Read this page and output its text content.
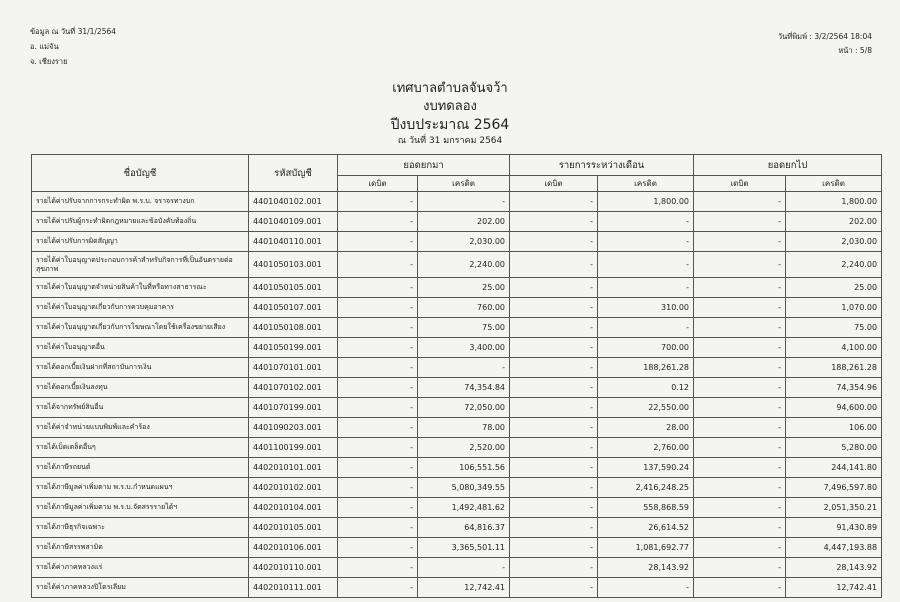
ข้อมูล ณ วันที่ 31/1/2564
อ. แม่จัน
จ. เชียงราย
วันที่พิมพ์ : 3/2/2564 18:04
หน้า : 5/8
เทศบาลตำบลจันจว้า
งบทดลอง
ปีงบประมาณ 2564
ณ วันที่ 31 มกราคม 2564
ชื่อบัญชี	รหัสบัญชี	ยอดยกมา		รายการระหว่างเดือน		ยอดยกไป	
		เดบิต	เครดิต	เดบิต	เครดิต	เดบิต	เครดิต
รายได้ค่าปรับจากการกระทำผิด พ.ร.บ. จราจรทางบก	4401040102.001	-	-	-	1,800.00	-	1,800.00
รายได้ค่าปรับผู้กระทำผิดกฎหมายและข้อบังคับท้องถิ่น	4401040109.001	-	202.00	-	-	-	202.00
รายได้ค่าปรับการผิดสัญญา	4401040110.001	-	2,030.00	-	-	-	2,030.00
รายได้ค่าใบอนุญาตประกอบการค้าสำหรับกิจการที่เป็นอันตรายต่อสุขภาพ	4401050103.001	-	2,240.00	-	-	-	2,240.00
รายได้ค่าใบอนุญาตจำหน่ายสินค้าในที่หรือทางสาธารณะ	4401050105.001	-	25.00	-	-	-	25.00
รายได้ค่าใบอนุญาตเกี่ยวกับการควบคุมอาคาร	4401050107.001	-	760.00	-	310.00	-	1,070.00
รายได้ค่าใบอนุญาตเกี่ยวกับการโฆษณาโดยใช้เครื่องขยายเสียง	4401050108.001	-	75.00	-	-	-	75.00
รายได้ค่าใบอนุญาตอื่น	4401050199.001	-	3,400.00	-	700.00	-	4,100.00
รายได้ดอกเบี้ยเงินฝากที่สถาบันการเงิน	4401070101.001	-	-	-	188,261.28	-	188,261.28
รายได้ดอกเบี้ยเงินลงทุน	4401070102.001	-	74,354.84	-	0.12	-	74,354.96
รายได้จากทรัพย์สินอื่น	4401070199.001	-	72,050.00	-	22,550.00	-	94,600.00
รายได้ค่าจำหน่ายแบบพิมพ์และคำร้อง	4401090203.001	-	78.00	-	28.00	-	106.00
รายได้เบ็ดเตล็ดอื่นๆ	4401100199.001	-	2,520.00	-	2,760.00	-	5,280.00
รายได้ภาษีรถยนต์	4402010101.001	-	106,551.56	-	137,590.24	-	244,141.80
รายได้ภาษีมูลค่าเพิ่มตาม พ.ร.บ.กำหนดแผนฯ	4402010102.001	-	5,080,349.55	-	2,416,248.25	-	7,496,597.80
รายได้ภาษีมูลค่าเพิ่มตาม พ.ร.บ.จัดสรรรายได้ฯ	4402010104.001	-	1,492,481.62	-	558,868.59	-	2,051,350.21
รายได้ภาษีธุรกิจเฉพาะ	4402010105.001	-	64,816.37	-	26,614.52	-	91,430.89
รายได้ภาษีสรรพสามิต	4402010106.001	-	3,365,501.11	-	1,081,692.77	-	4,447,193.88
รายได้ค่าภาคหลวงแร่	4402010110.001	-	-	-	28,143.92	-	28,143.92
รายได้ค่าภาคหลวงปิโตรเลียม	4402010111.001	-	12,742.41	-	-	-	12,742.41
